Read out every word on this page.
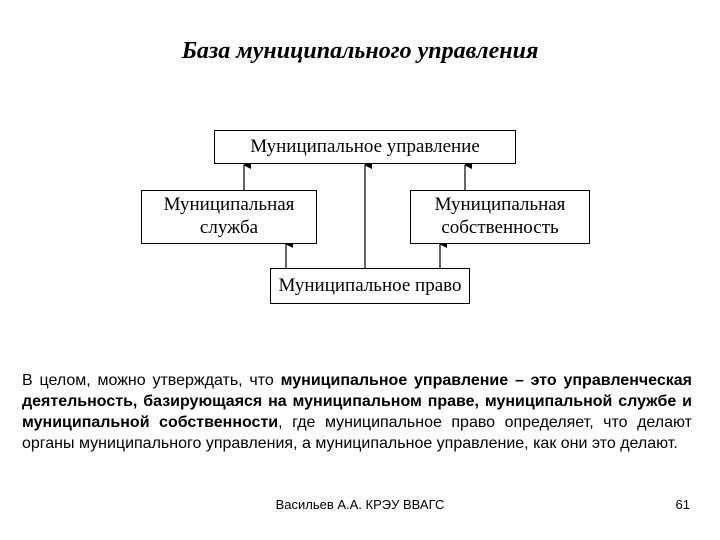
База муниципального управления
Муниципальное управление
Муниципальная служба
Муниципальная собственность
Муниципальное право
В целом, можно утверждать, что муниципальное управление – это управленческая деятельность, базирующаяся на муниципальном праве, муниципальной службе и муниципальной собственности, где муниципальное право определяет, что делают органы муниципального управления, а муниципальное управление, как они это делают.
Васильев А.А. КРЭУ ВВАГС	61
